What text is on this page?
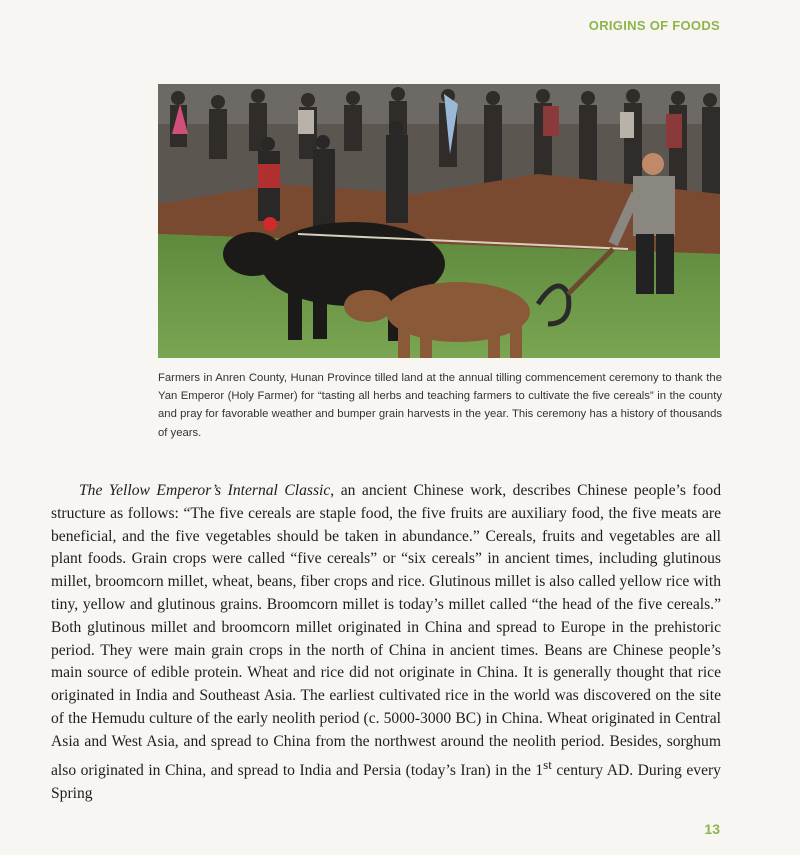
ORIGINS OF FOODS
Farmers in Anren County, Hunan Province tilled land at the annual tilling commencement ceremony to thank the Yan Emperor (Holy Farmer) for “tasting all herbs and teaching farmers to cultivate the five cereals” in the county and pray for favorable weather and bumper grain harvests in the year. This ceremony has a history of thousands of years.

The Yellow Emperor’s Internal Classic, an ancient Chinese work, describes Chinese people’s food structure as follows: “The five cereals are staple food, the five fruits are auxiliary food, the five meats are beneficial, and the five vegetables should be taken in abundance.” Cereals, fruits and vegetables are all plant foods. Grain crops were called “five cereals” or “six cereals” in ancient times, including glutinous millet, broomcorn millet, wheat, beans, fiber crops and rice. Glutinous millet is also called yellow rice with tiny, yellow and glutinous grains. Broomcorn millet is today’s millet called “the head of the five cereals.” Both glutinous millet and broomcorn millet originated in China and spread to Europe in the prehistoric period. They were main grain crops in the north of China in ancient times. Beans are Chinese people’s main source of edible protein. Wheat and rice did not originate in China. It is generally thought that rice originated in India and Southeast Asia. The earliest cultivated rice in the world was discovered on the site of the Hemudu culture of the early neolith period (c. 5000-3000 BC) in China. Wheat originated in Central Asia and West Asia, and spread to China from the northwest around the neolith period. Besides, sorghum also originated in China, and spread to India and Persia (today’s Iran) in the 1st century AD. During every Spring

13
